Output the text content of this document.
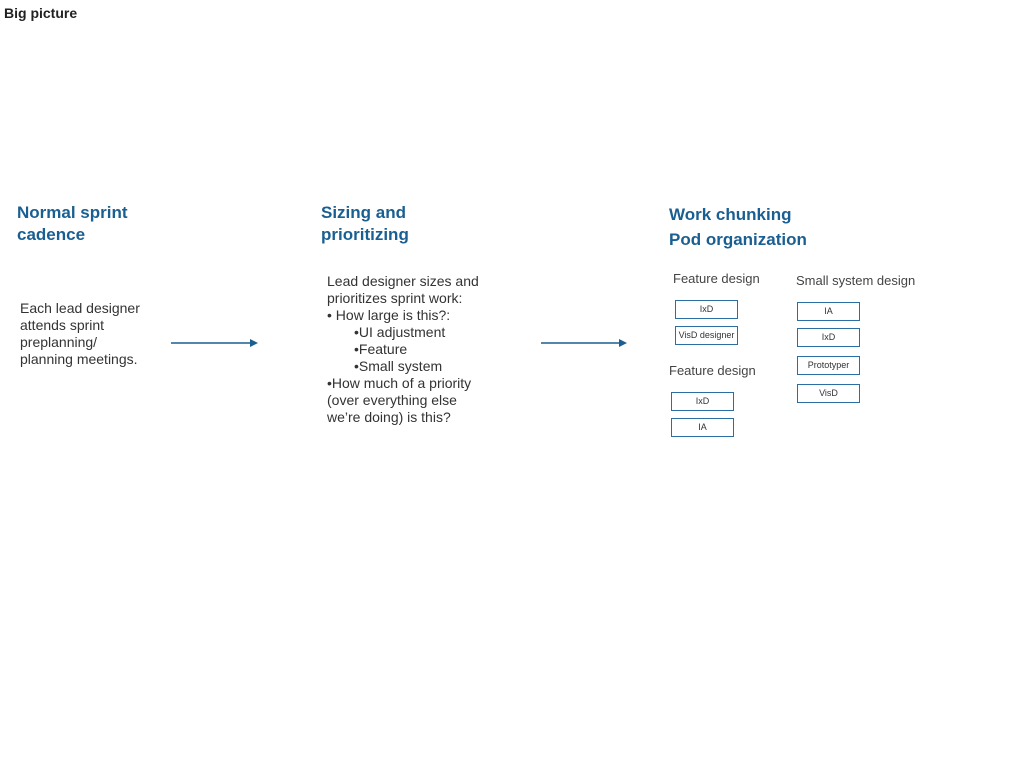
Big picture
Normal sprint
cadence
Each lead designer
attends sprint
preplanning/
planning meetings.
Sizing and
prioritizing
Lead designer sizes and
prioritizes sprint work:
• How large is this?:
•UI adjustment
•Feature
•Small system
•How much of a priority
(over everything else
we’re doing) is this?
Work chunking
Pod organization
Feature design
IxD
VisD designer
Feature design
IxD
IA
Small system design
IA
IxD
Prototyper
VisD
